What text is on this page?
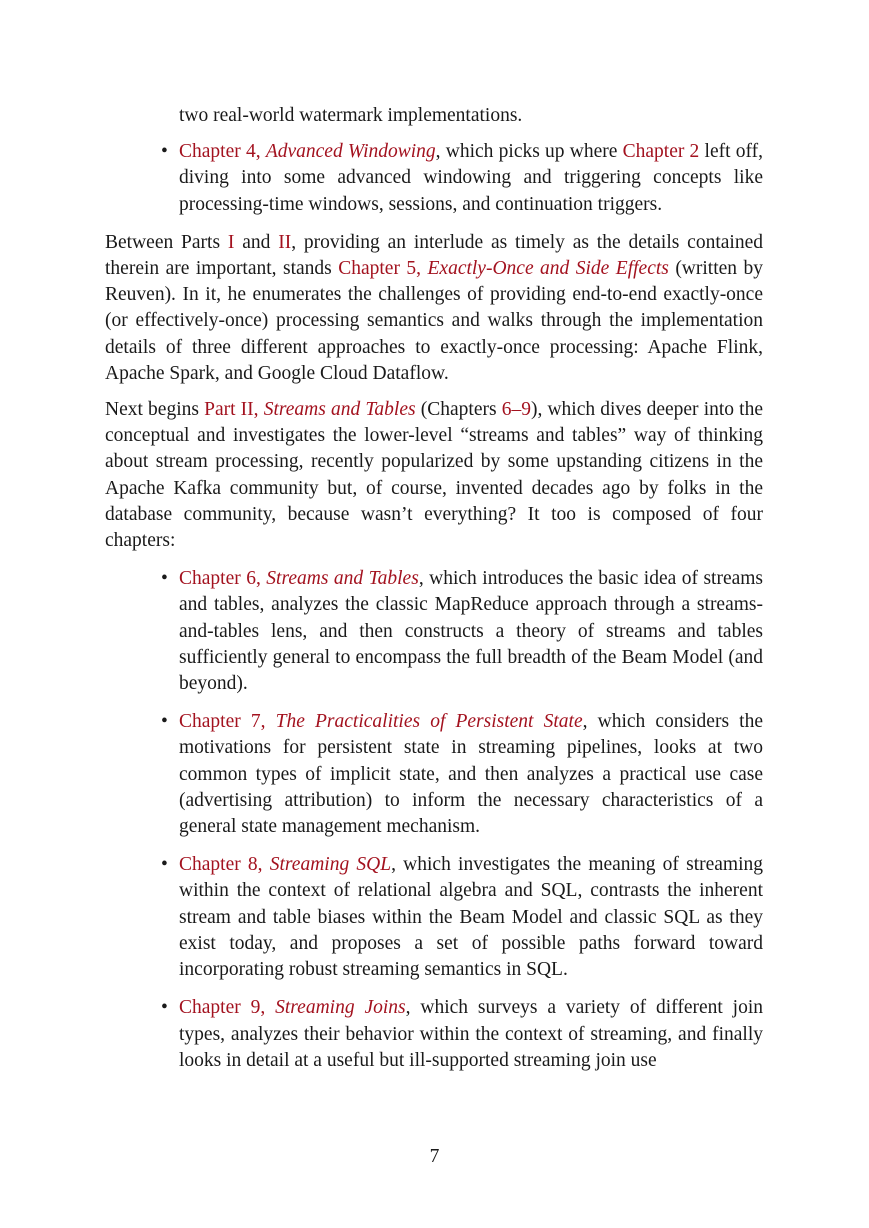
two real-world watermark implementations.
• Chapter 4, Advanced Windowing, which picks up where Chapter 2 left off, diving into some advanced windowing and triggering concepts like processing-time windows, sessions, and continuation triggers.

Between Parts I and II, providing an interlude as timely as the details contained therein are important, stands Chapter 5, Exactly-Once and Side Effects (written by Reuven). In it, he enumerates the challenges of providing end-to-end exactly-once (or effectively-once) processing semantics and walks through the implementation details of three different approaches to exactly-once processing: Apache Flink, Apache Spark, and Google Cloud Dataflow.

Next begins Part II, Streams and Tables (Chapters 6–9), which dives deeper into the conceptual and investigates the lower-level “streams and tables” way of thinking about stream processing, recently popularized by some upstanding citizens in the Apache Kafka community but, of course, invented decades ago by folks in the database community, because wasn’t everything? It too is composed of four chapters:

• Chapter 6, Streams and Tables, which introduces the basic idea of streams and tables, analyzes the classic MapReduce approach through a streams-and-tables lens, and then constructs a theory of streams and tables sufficiently general to encompass the full breadth of the Beam Model (and beyond).
• Chapter 7, The Practicalities of Persistent State, which considers the motivations for persistent state in streaming pipelines, looks at two common types of implicit state, and then analyzes a practical use case (advertising attribution) to inform the necessary characteristics of a general state management mechanism.
• Chapter 8, Streaming SQL, which investigates the meaning of streaming within the context of relational algebra and SQL, contrasts the inherent stream and table biases within the Beam Model and classic SQL as they exist today, and proposes a set of possible paths forward toward incorporating robust streaming semantics in SQL.
• Chapter 9, Streaming Joins, which surveys a variety of different join types, analyzes their behavior within the context of streaming, and finally looks in detail at a useful but ill-supported streaming join use
7
